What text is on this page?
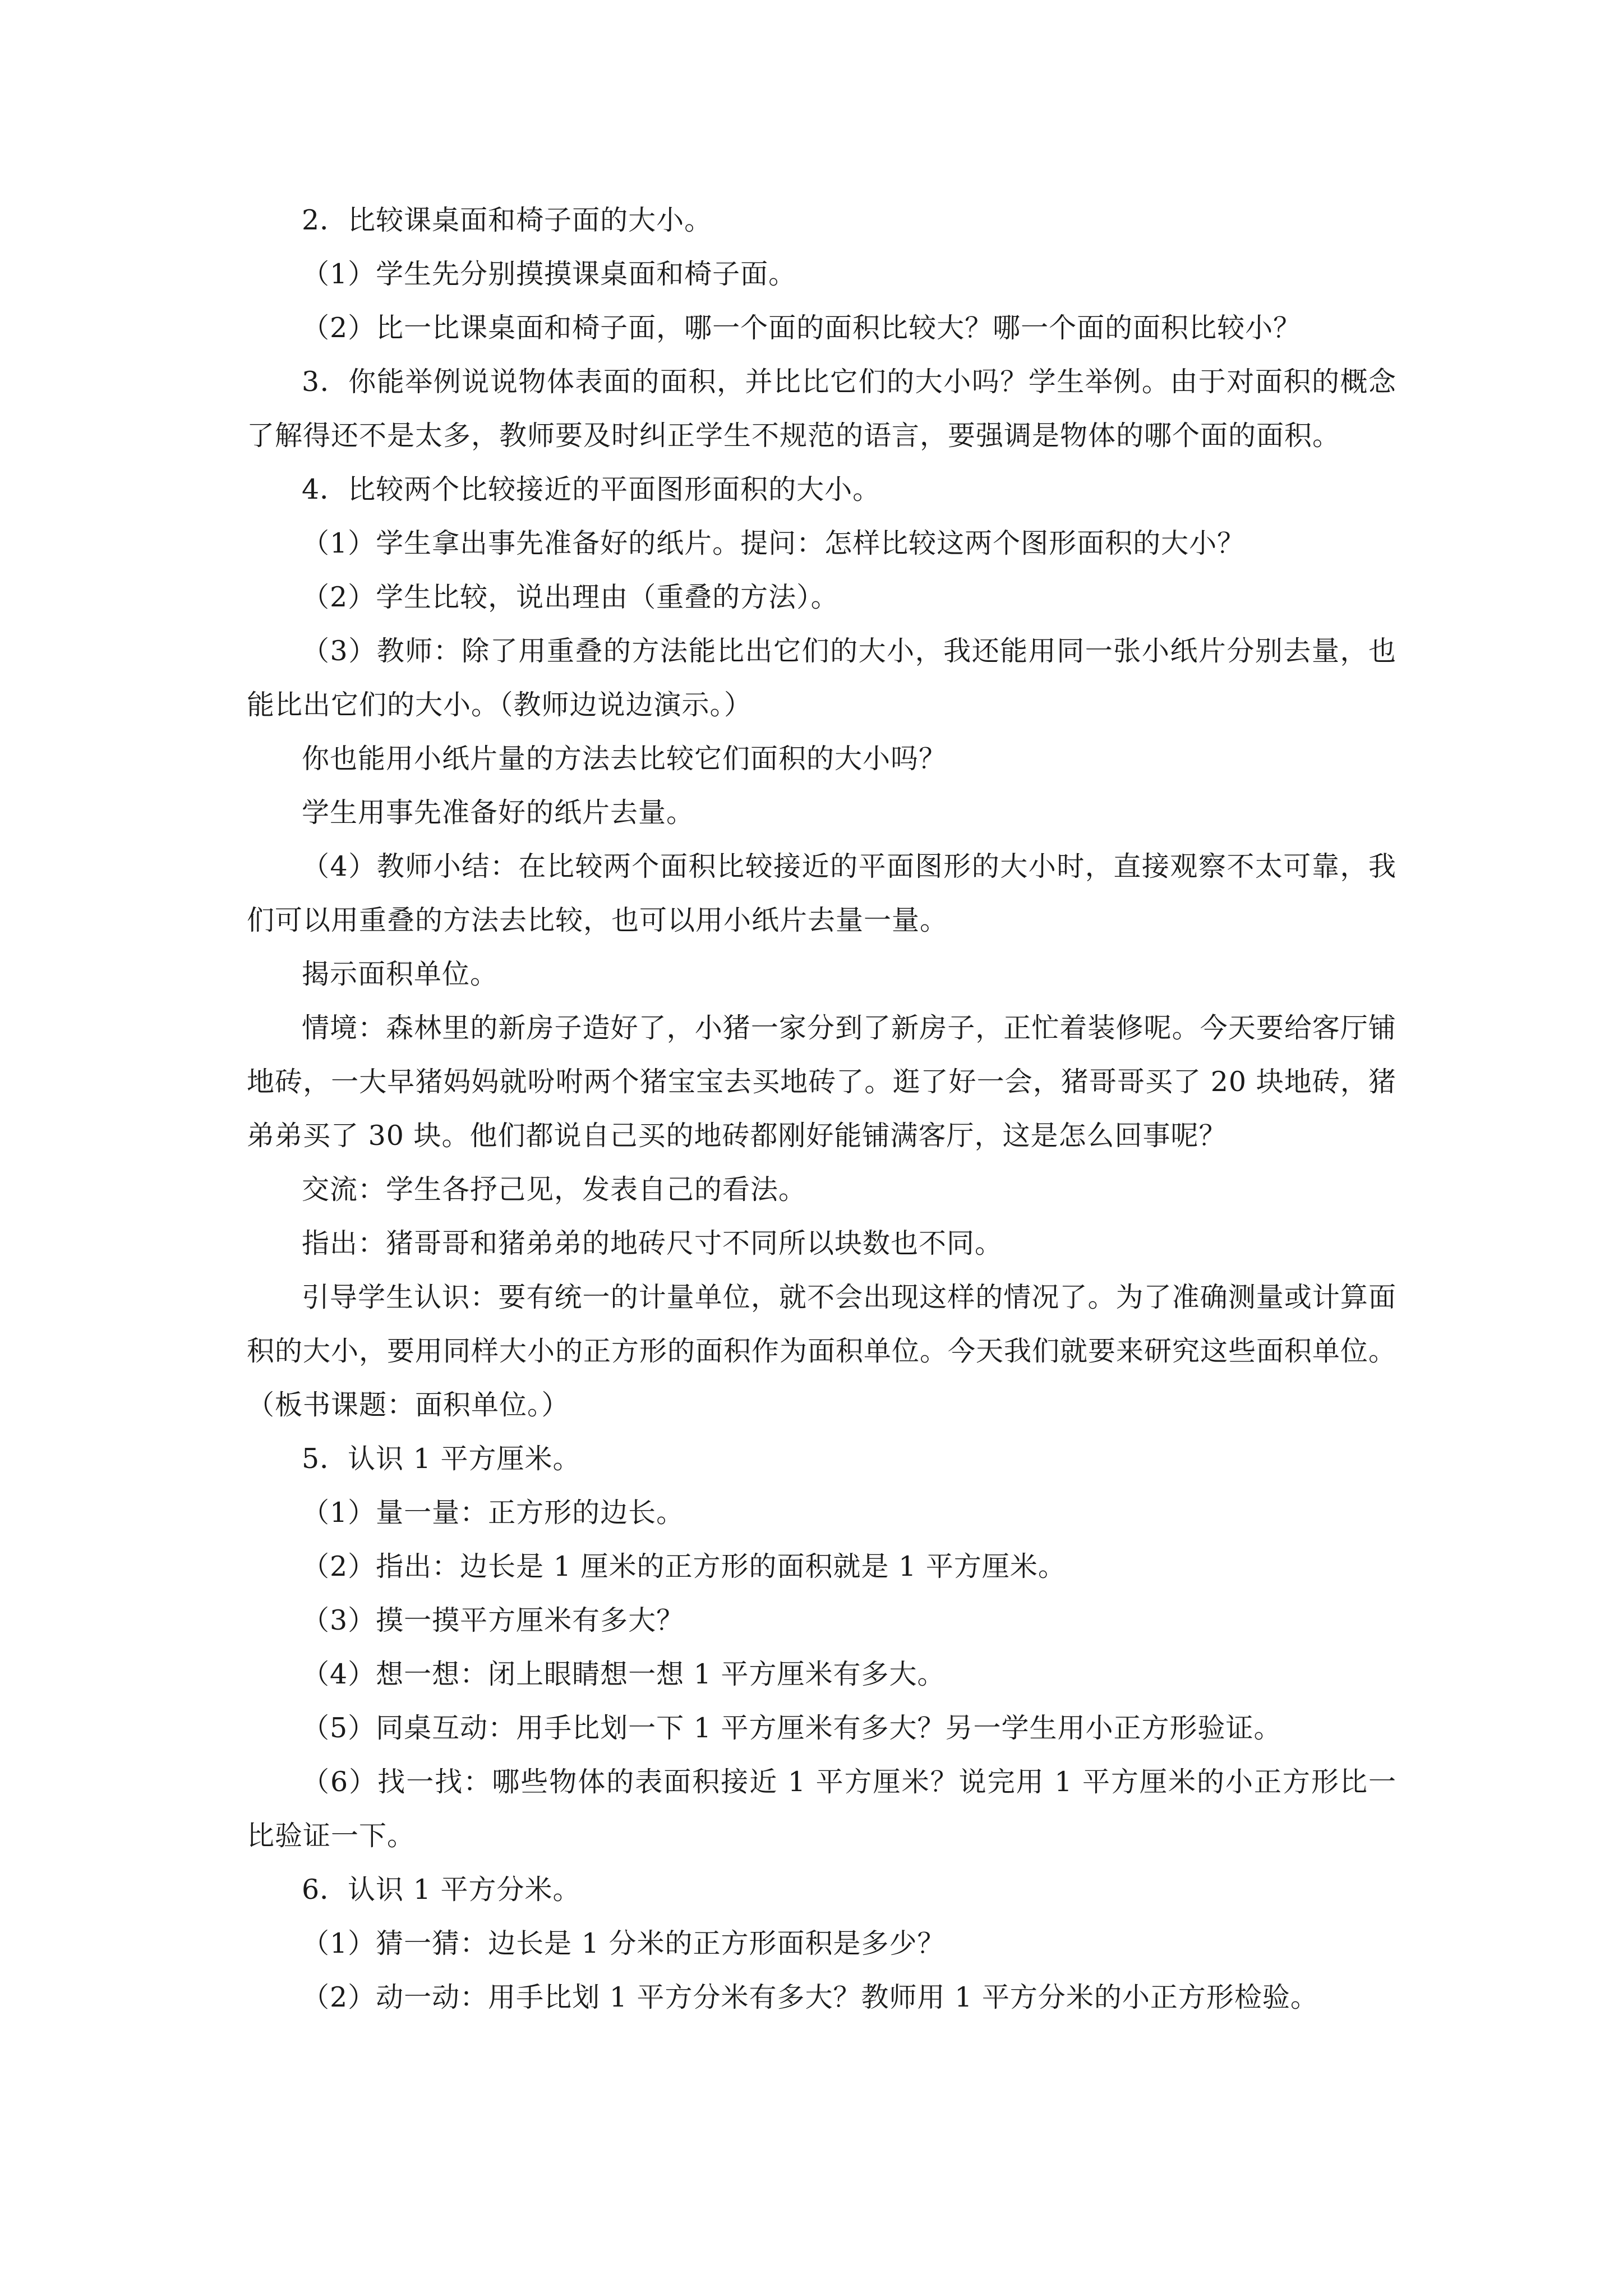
2．比较课桌面和椅子面的大小。

（1）学生先分别摸摸课桌面和椅子面。

（2）比一比课桌面和椅子面，哪一个面的面积比较大？哪一个面的面积比较小？

3．你能举例说说物体表面的面积，并比比它们的大小吗？学生举例。由于对面积的概念了解得还不是太多，教师要及时纠正学生不规范的语言，要强调是物体的哪个面的面积。

4．比较两个比较接近的平面图形面积的大小。

（1）学生拿出事先准备好的纸片。提问：怎样比较这两个图形面积的大小？

（2）学生比较，说出理由（重叠的方法）。

（3）教师：除了用重叠的方法能比出它们的大小，我还能用同一张小纸片分别去量，也能比出它们的大小。（教师边说边演示。）

你也能用小纸片量的方法去比较它们面积的大小吗？

学生用事先准备好的纸片去量。

（4）教师小结：在比较两个面积比较接近的平面图形的大小时，直接观察不太可靠，我们可以用重叠的方法去比较，也可以用小纸片去量一量。

揭示面积单位。

情境：森林里的新房子造好了，小猪一家分到了新房子，正忙着装修呢。今天要给客厅铺地砖，一大早猪妈妈就吩咐两个猪宝宝去买地砖了。逛了好一会，猪哥哥买了 20 块地砖，猪弟弟买了 30 块。他们都说自己买的地砖都刚好能铺满客厅，这是怎么回事呢？

交流：学生各抒己见，发表自己的看法。

指出：猪哥哥和猪弟弟的地砖尺寸不同所以块数也不同。

引导学生认识：要有统一的计量单位，就不会出现这样的情况了。为了准确测量或计算面积的大小，要用同样大小的正方形的面积作为面积单位。今天我们就要来研究这些面积单位。（板书课题：面积单位。）

5．认识 1 平方厘米。

（1）量一量：正方形的边长。

（2）指出：边长是 1 厘米的正方形的面积就是 1 平方厘米。

（3）摸一摸平方厘米有多大？

（4）想一想：闭上眼睛想一想 1 平方厘米有多大。

（5）同桌互动：用手比划一下 1 平方厘米有多大？另一学生用小正方形验证。

（6）找一找：哪些物体的表面积接近 1 平方厘米？说完用 1 平方厘米的小正方形比一比验证一下。

6．认识 1 平方分米。

（1）猜一猜：边长是 1 分米的正方形面积是多少？

（2）动一动：用手比划 1 平方分米有多大？教师用 1 平方分米的小正方形检验。
